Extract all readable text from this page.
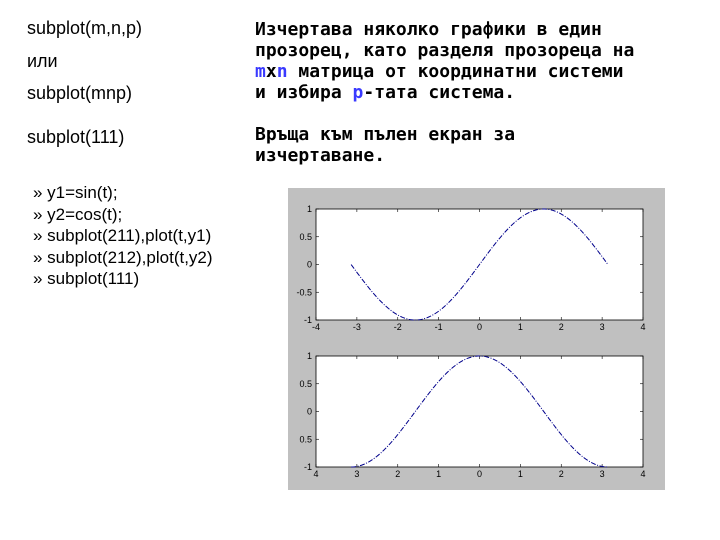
subplot(m,n,p)
или
subplot(mnp)
subplot(111)
Изчертава няколко графики в един
прозорец, като разделя прозореца на
mxn матрица от координатни системи
и избира p-тата система.
Връща към пълен екран за
изчертаване.
» y1=sin(t);
» y2=cos(t);
» subplot(211),plot(t,y1)
» subplot(212),plot(t,y2)
» subplot(111)
-4	-3	-2	-1	0	1	2	3	4
1
0.5
0
-0.5
-1
4	3	2	1	0	1	2	3	4
1
0.5
0
0.5
-1
